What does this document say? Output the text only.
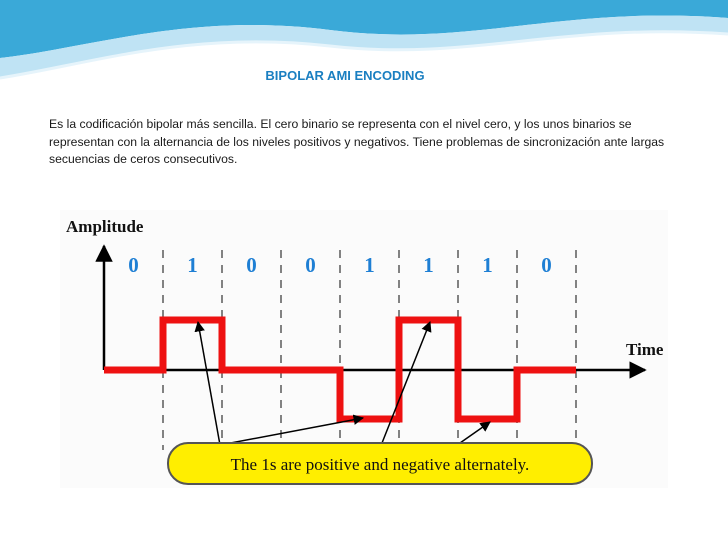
BIPOLAR AMI ENCODING
Es la codificación bipolar más sencilla. El cero binario se representa con el nivel cero, y los unos binarios se representan con la alternancia de los niveles positivos y negativos. Tiene problemas de sincronización ante largas secuencias de ceros consecutivos.
Amplitude
Time
0 1 0 0 1 1 1 0
The 1s are positive and negative alternately.
